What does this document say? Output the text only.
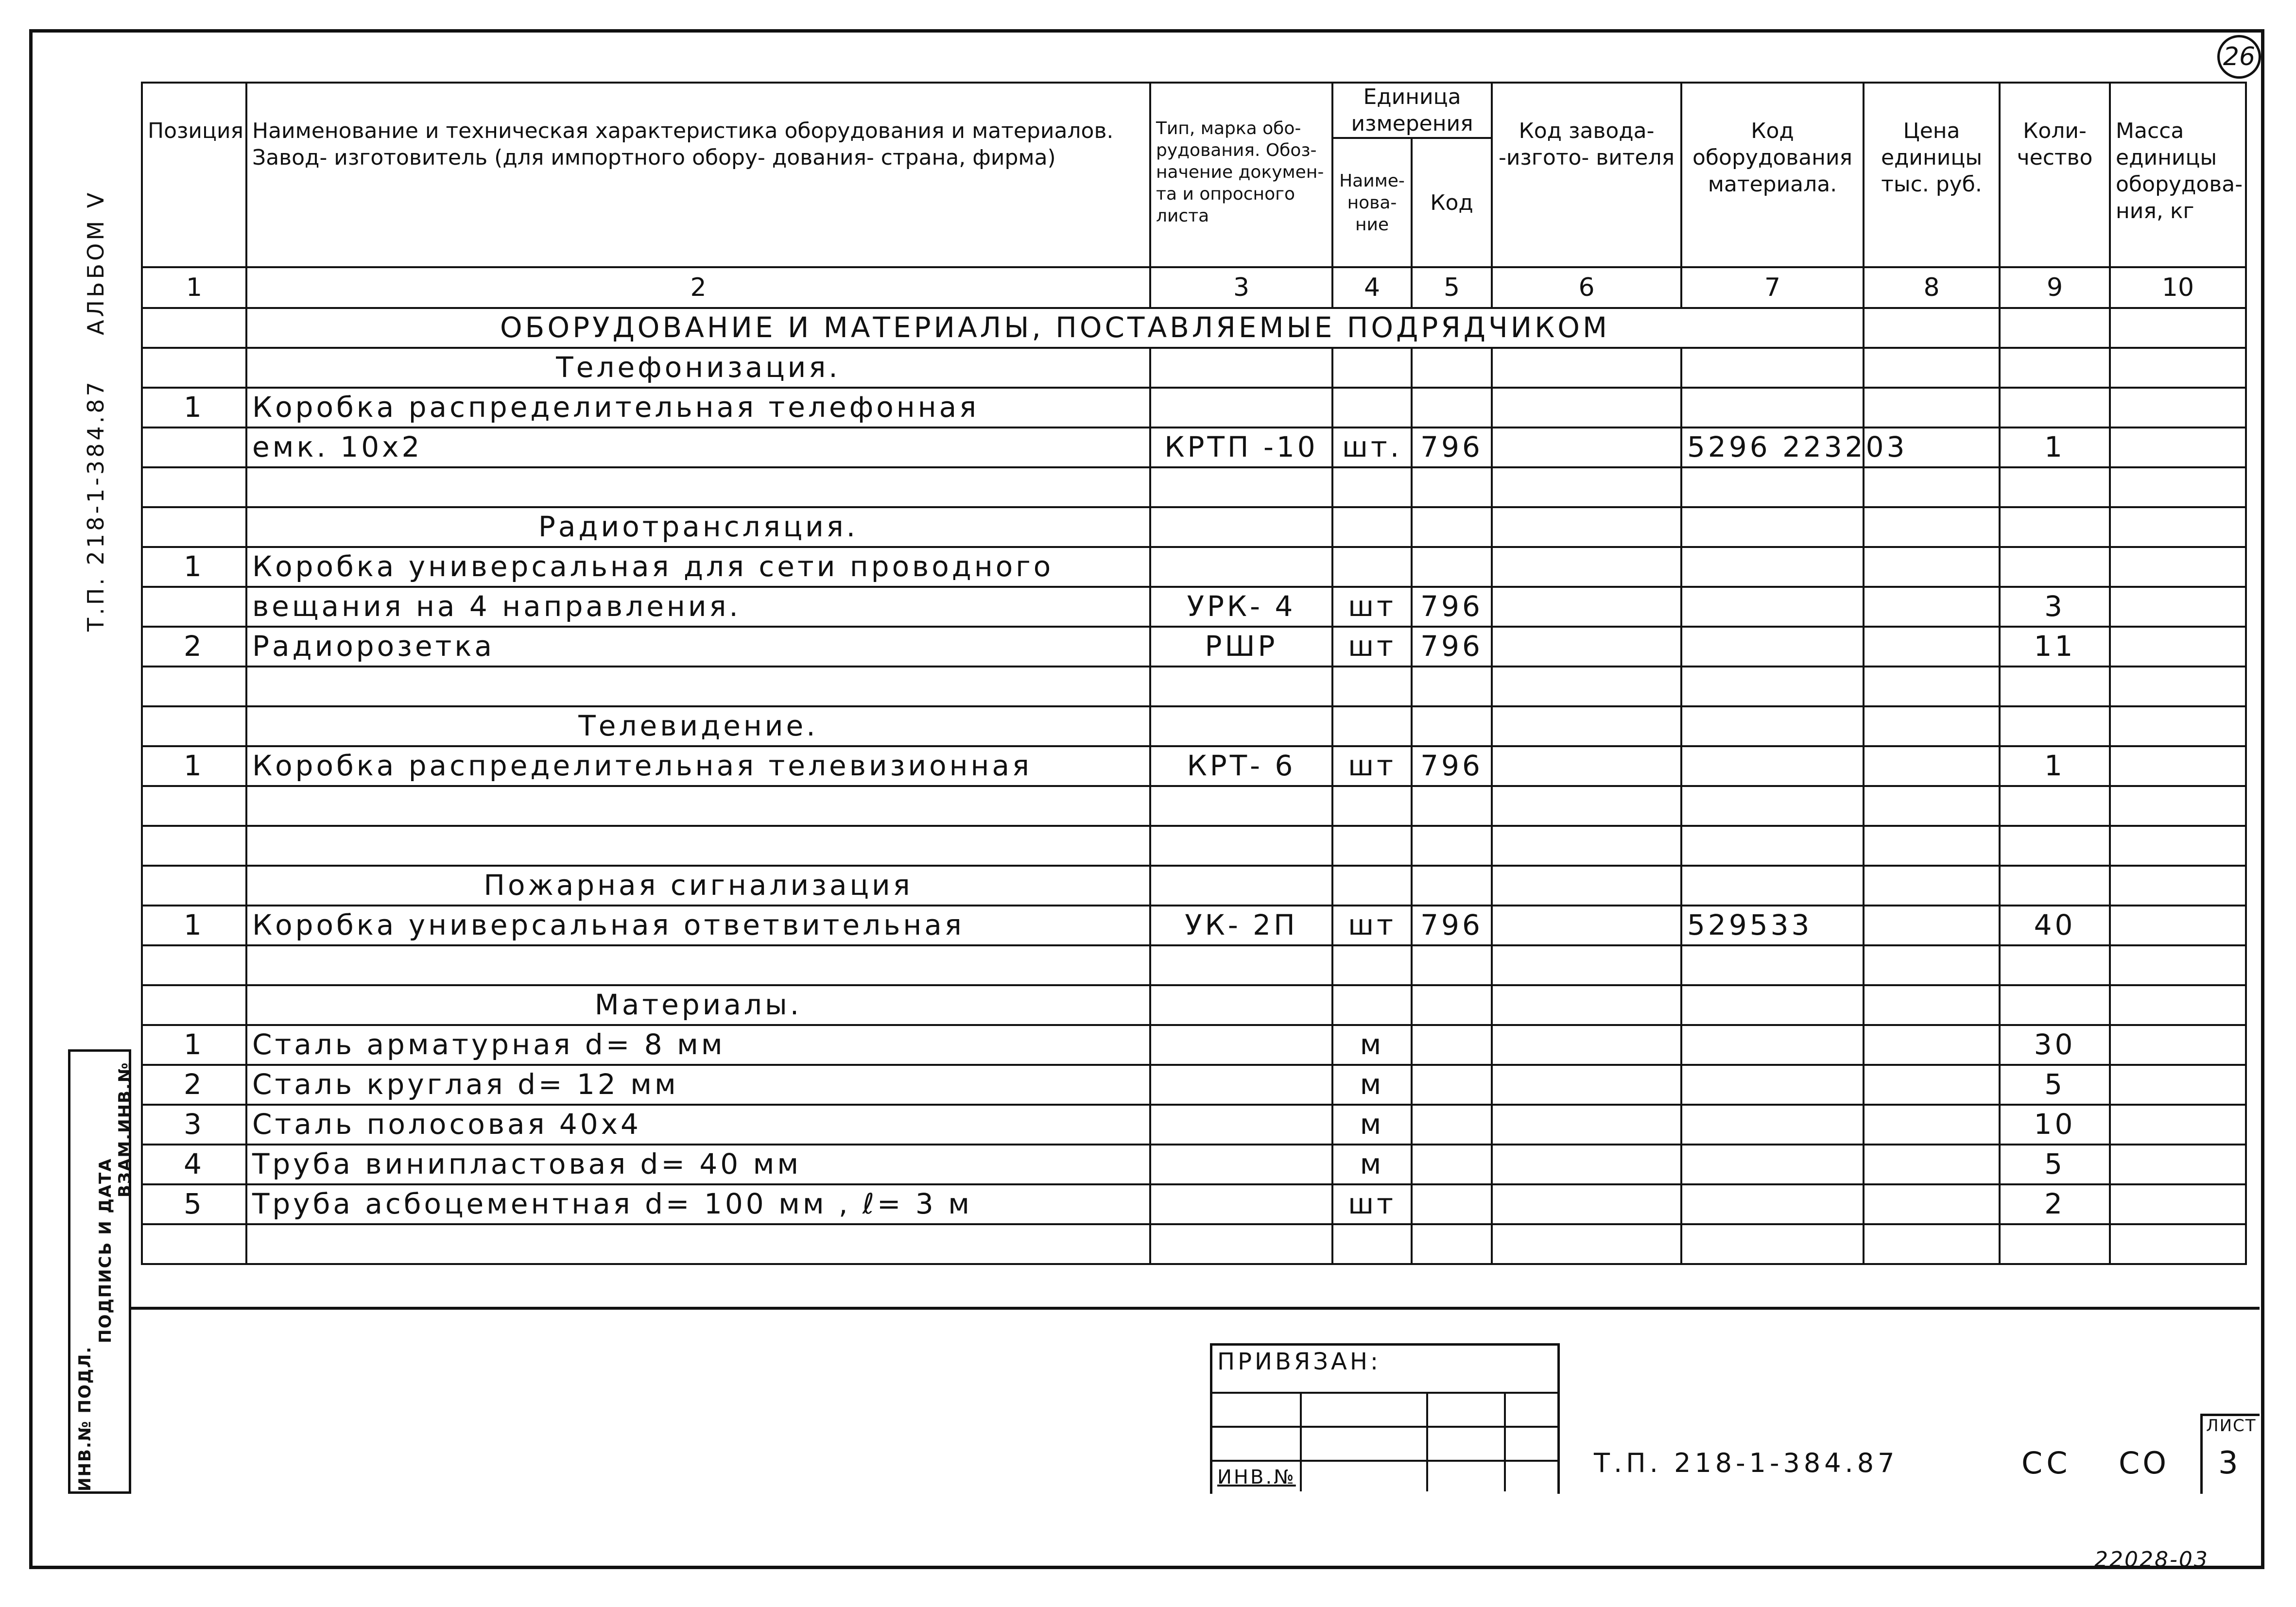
АЛЬБОМ V
Т.П. 218-1-384.87
26
Позиция	Наименование и техническая характеристика оборудования и материалов. Завод- изготовитель (для импортного обору- дования- страна, фирма)	Тип, марка обо- рудования. Обоз- начение докумен- та и опросного листа	Единица измерения		Код завода- -изгото- вителя	Код оборудования материала.	Цена единицы тыс. руб.	Коли- чество	Масса единицы оборудова- ния, кг
			Наиме- нова- ние	Код					
1	2	3	4	5	6	7	8	9	10
	ОБОРУДОВАНИЕ И МАТЕРИАЛЫ, ПОСТАВЛЯЕМЫЕ ПОДРЯДЧИКОМ								
	Телефонизация.								
1	Коробка распределительная телефонная								
	емк. 10х2	КРТП -10	шт.	796		5296 223203		1	

	Радиотрансляция.								
1	Коробка универсальная для сети проводного								
	вещания на 4 направления.	УРК- 4	шт	796				3	
2	Радиорозетка	РШР	шт	796				11	

	Телевидение.								
1	Коробка распределительная телевизионная	КРТ- 6	шт	796				1	

	Пожарная сигнализация								
1	Коробка универсальная ответвительная	УК- 2П	шт	796		529533		40	

	Материалы.								
1	Сталь арматурная d= 8 мм		м					30	
2	Сталь круглая d= 12 мм		м					5	
3	Сталь полосовая 40х4		м					10	
4	Труба винипластовая d= 40 мм		м					5	
5	Труба асбоцементная d= 100 мм , ℓ= 3 м		шт					2	

ИНВ.№ ПОДЛ.
ПОДПИСЬ И ДАТА
ВЗАМ.ИНВ.№
ПРИВЯЗАН:
ИНВ.№	Т.П. 218-1-384.87	СС СО
ЛИСТ
3
22028-03
